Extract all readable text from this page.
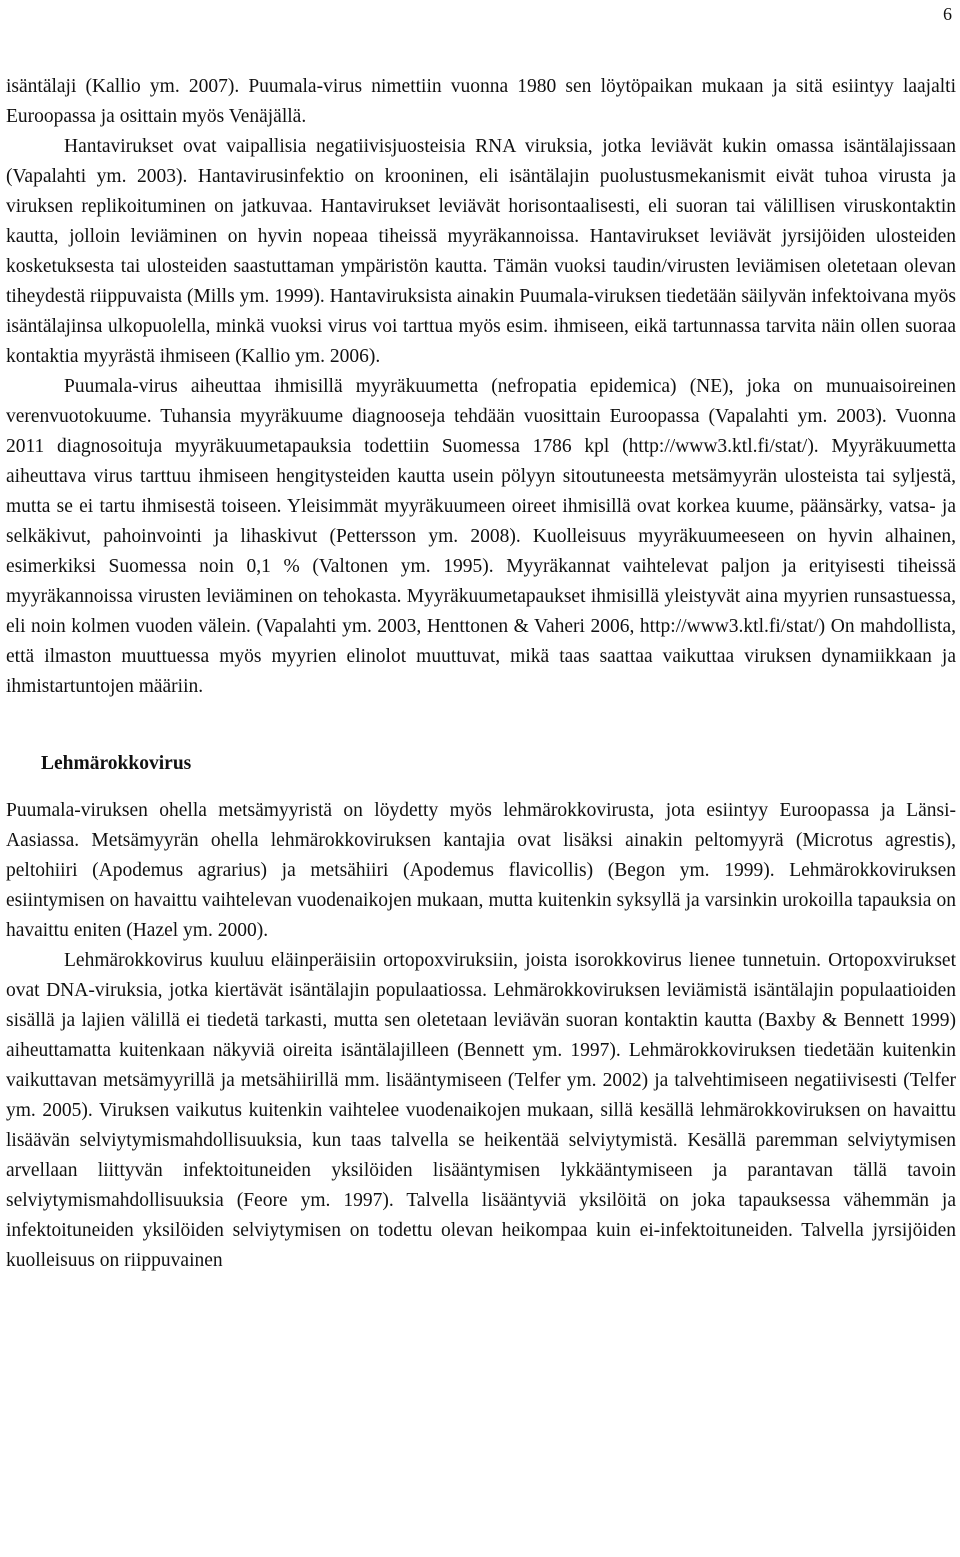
6

isäntälaji (Kallio ym. 2007). Puumala-virus nimettiin vuonna 1980 sen löytöpaikan mukaan ja sitä esiintyy laajalti Euroopassa ja osittain myös Venäjällä.

Hantavirukset ovat vaipallisia negatiivisjuosteisia RNA viruksia, jotka leviävät kukin omassa isäntälajissaan (Vapalahti ym. 2003). Hantavirusinfektio on krooninen, eli isäntälajin puolustusmekanismit eivät tuhoa virusta ja viruksen replikoituminen on jatkuvaa. Hantavirukset leviävät horisontaalisesti, eli suoran tai välillisen viruskontaktin kautta, jolloin leviäminen on hyvin nopeaa tiheissä myyräkannoissa. Hantavirukset leviävät jyrsijöiden ulosteiden kosketuksesta tai ulosteiden saastuttaman ympäristön kautta. Tämän vuoksi taudin/virusten leviämisen oletetaan olevan tiheydestä riippuvaista (Mills ym. 1999). Hantaviruksista ainakin Puumala-viruksen tiedetään säilyvän infektoivana myös isäntälajinsa ulkopuolella, minkä vuoksi virus voi tarttua myös esim. ihmiseen, eikä tartunnassa tarvita näin ollen suoraa kontaktia myyrästä ihmiseen (Kallio ym. 2006).

Puumala-virus aiheuttaa ihmisillä myyräkuumetta (nefropatia epidemica) (NE), joka on munuaisoireinen verenvuotokuume. Tuhansia myyräkuume diagnooseja tehdään vuosittain Euroopassa (Vapalahti ym. 2003). Vuonna 2011 diagnosoituja myyräkuumetapauksia todettiin Suomessa 1786 kpl (http://www3.ktl.fi/stat/). Myyräkuumetta aiheuttava virus tarttuu ihmiseen hengitysteiden kautta usein pölyyn sitoutuneesta metsämyyrän ulosteista tai syljestä, mutta se ei tartu ihmisestä toiseen. Yleisimmät myyräkuumeen oireet ihmisillä ovat korkea kuume, päänsärky, vatsa- ja selkäkivut, pahoinvointi ja lihaskivut (Pettersson ym. 2008). Kuolleisuus myyräkuumeeseen on hyvin alhainen, esimerkiksi Suomessa noin 0,1 % (Valtonen ym. 1995). Myyräkannat vaihtelevat paljon ja erityisesti tiheissä myyräkannoissa virusten leviäminen on tehokasta. Myyräkuumetapaukset ihmisillä yleistyvät aina myyrien runsastuessa, eli noin kolmen vuoden välein. (Vapalahti ym. 2003, Henttonen & Vaheri 2006, http://www3.ktl.fi/stat/) On mahdollista, että ilmaston muuttuessa myös myyrien elinolot muuttuvat, mikä taas saattaa vaikuttaa viruksen dynamiikkaan ja ihmistartuntojen määriin.

Lehmärokkovirus

Puumala-viruksen ohella metsämyyristä on löydetty myös lehmärokkovirusta, jota esiintyy Euroopassa ja Länsi-Aasiassa. Metsämyyrän ohella lehmärokkoviruksen kantajia ovat lisäksi ainakin peltomyyrä (Microtus agrestis), peltohiiri (Apodemus agrarius) ja metsähiiri (Apodemus flavicollis) (Begon ym. 1999). Lehmärokkoviruksen esiintymisen on havaittu vaihtelevan vuodenaikojen mukaan, mutta kuitenkin syksyllä ja varsinkin urokoilla tapauksia on havaittu eniten (Hazel ym. 2000).

Lehmärokkovirus kuuluu eläinperäisiin ortopoxviruksiin, joista isorokkovirus lienee tunnetuin. Ortopoxvirukset ovat DNA-viruksia, jotka kiertävät isäntälajin populaatiossa. Lehmärokkoviruksen leviämistä isäntälajin populaatioiden sisällä ja lajien välillä ei tiedetä tarkasti, mutta sen oletetaan leviävän suoran kontaktin kautta (Baxby & Bennett 1999) aiheuttamatta kuitenkaan näkyviä oireita isäntälajilleen (Bennett ym. 1997). Lehmärokkoviruksen tiedetään kuitenkin vaikuttavan metsämyyrillä ja metsähiirillä mm. lisääntymiseen (Telfer ym. 2002) ja talvehtimiseen negatiivisesti (Telfer ym. 2005). Viruksen vaikutus kuitenkin vaihtelee vuodenaikojen mukaan, sillä kesällä lehmärokkoviruksen on havaittu lisäävän selviytymismahdollisuuksia, kun taas talvella se heikentää selviytymistä. Kesällä paremman selviytymisen arvellaan liittyvän infektoituneiden yksilöiden lisääntymisen lykkääntymiseen ja parantavan tällä tavoin selviytymismahdollisuuksia (Feore ym. 1997). Talvella lisääntyviä yksilöitä on joka tapauksessa vähemmän ja infektoituneiden yksilöiden selviytymisen on todettu olevan heikompaa kuin ei-infektoituneiden. Talvella jyrsijöiden kuolleisuus on riippuvainen
